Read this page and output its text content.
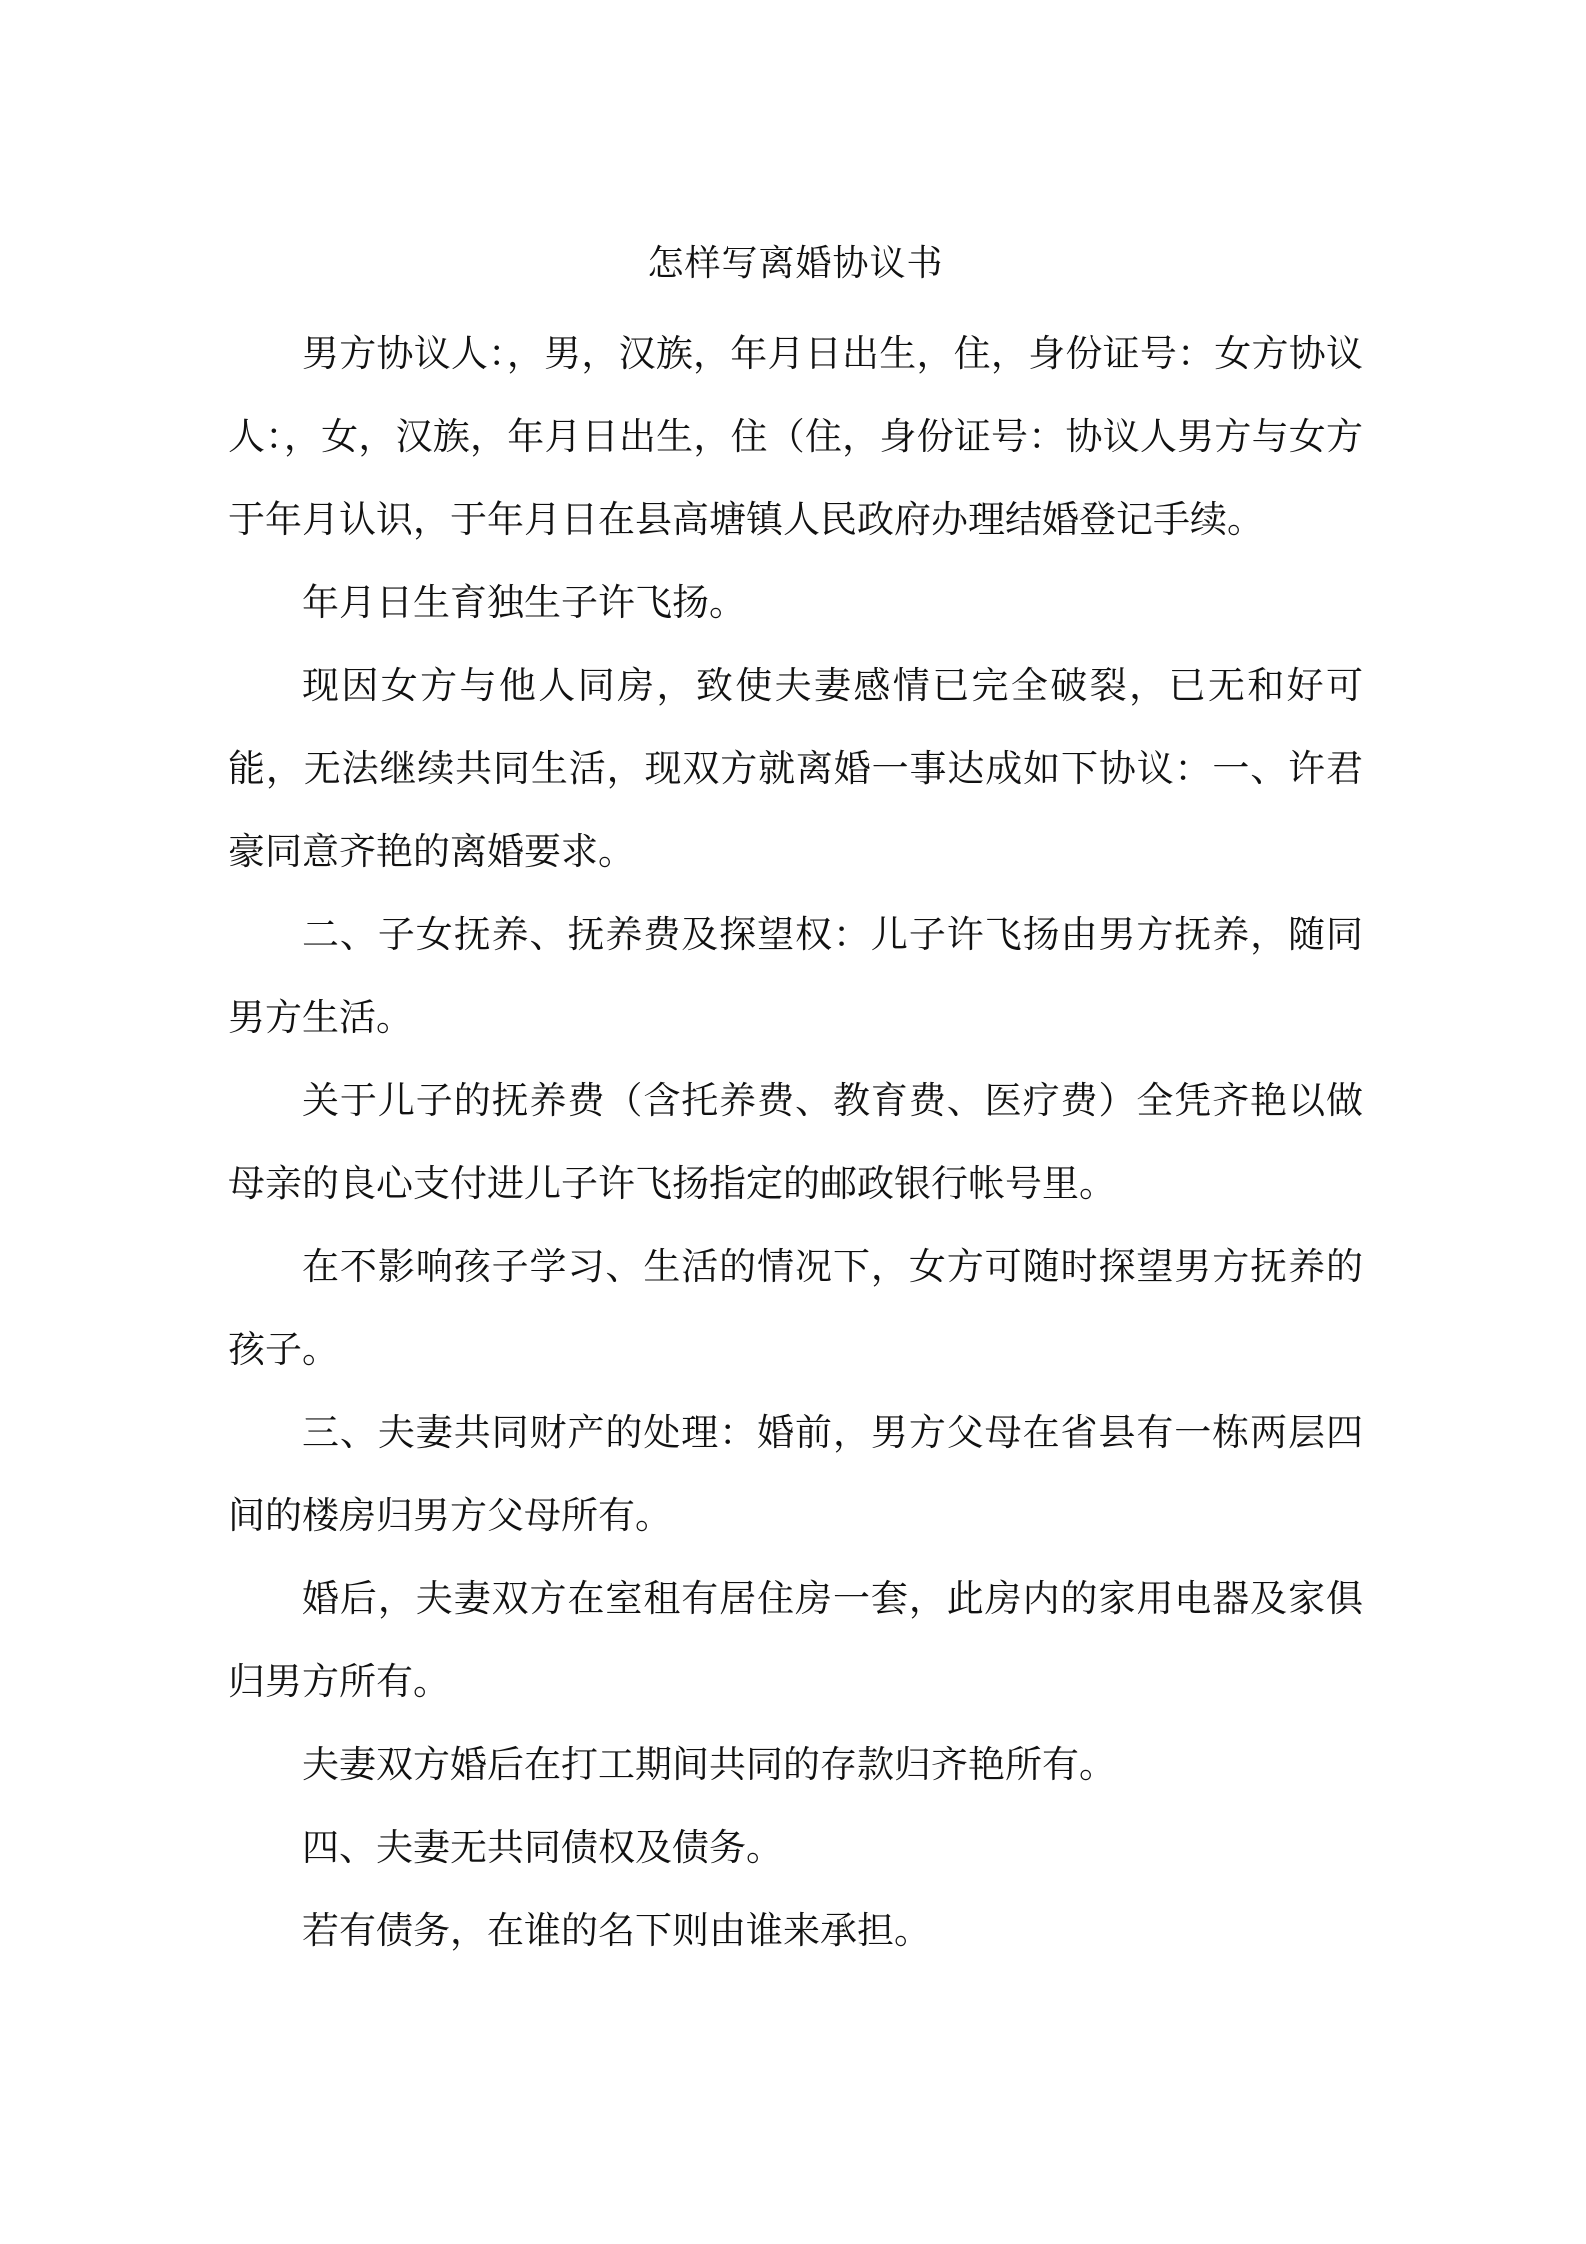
怎样写离婚协议书

男方协议人：，男，汉族，年月日出生，住，身份证号：女方协议人：，女，汉族，年月日出生，住（住，身份证号：协议人男方与女方于年月认识，于年月日在县高塘镇人民政府办理结婚登记手续。

年月日生育独生子许飞扬。

现因女方与他人同房，致使夫妻感情已完全破裂，已无和好可能，无法继续共同生活，现双方就离婚一事达成如下协议：一、许君豪同意齐艳的离婚要求。

二、子女抚养、抚养费及探望权：儿子许飞扬由男方抚养，随同男方生活。

关于儿子的抚养费（含托养费、教育费、医疗费）全凭齐艳以做母亲的良心支付进儿子许飞扬指定的邮政银行帐号里。

在不影响孩子学习、生活的情况下，女方可随时探望男方抚养的孩子。

三、夫妻共同财产的处理：婚前，男方父母在省县有一栋两层四间的楼房归男方父母所有。

婚后，夫妻双方在室租有居住房一套，此房内的家用电器及家俱归男方所有。

夫妻双方婚后在打工期间共同的存款归齐艳所有。

四、夫妻无共同债权及债务。

若有债务，在谁的名下则由谁来承担。
